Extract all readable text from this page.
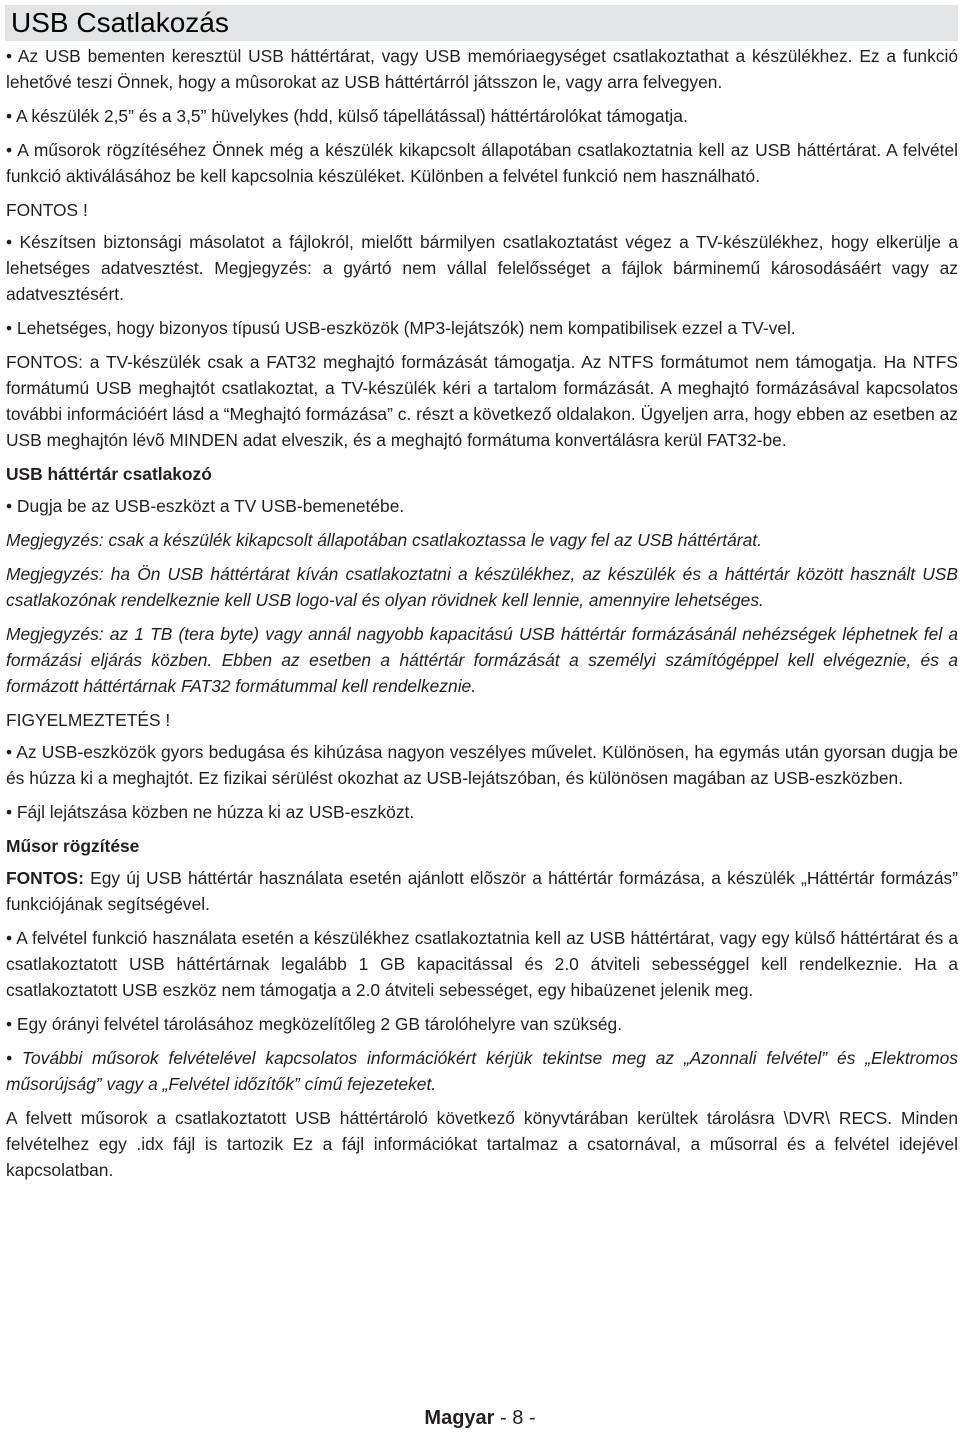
USB Csatlakozás

• Az USB bementen keresztül USB háttértárat, vagy USB memóriaegységet csatlakoztathat a készülékhez. Ez a funkció lehetővé teszi Önnek, hogy a mûsorokat az USB háttértárról játsszon le, vagy arra felvegyen.

• A készülék 2,5” és a 3,5” hüvelykes (hdd, külső tápellátással) háttértárolókat támogatja.

• A műsorok rögzítéséhez Önnek még a készülék kikapcsolt állapotában csatlakoztatnia kell az USB háttértárat. A felvétel funkció aktiválásához be kell kapcsolnia készüléket. Különben a felvétel funkció nem használható.

FONTOS !

• Készítsen biztonsági másolatot a fájlokról, mielőtt bármilyen csatlakoztatást végez a TV-készülékhez, hogy elkerülje a lehetséges adatvesztést. Megjegyzés: a gyártó nem vállal felelősséget a fájlok bárminemű károsodásáért vagy az adatvesztésért.

• Lehetséges, hogy bizonyos típusú USB-eszközök (MP3-lejátszók) nem kompatibilisek ezzel a TV-vel.

FONTOS: a TV-készülék csak a FAT32 meghajtó formázását támogatja. Az NTFS formátumot nem támogatja. Ha NTFS formátumú USB meghajtót csatlakoztat, a TV-készülék kéri a tartalom formázását. A meghajtó formázásával kapcsolatos további információért lásd a “Meghajtó formázása” c. részt a következő oldalakon. Ügyeljen arra, hogy ebben az esetben az USB meghajtón lévõ MINDEN adat elveszik, és a meghajtó formátuma konvertálásra kerül FAT32-be.

USB háttértár csatlakozó

• Dugja be az USB-eszközt a TV USB-bemenetébe.

Megjegyzés: csak a készülék kikapcsolt állapotában csatlakoztassa le vagy fel az USB háttértárat.

Megjegyzés: ha Ön USB háttértárat kíván csatlakoztatni a készülékhez, az készülék és a háttértár között használt USB csatlakozónak rendelkeznie kell USB logo-val és olyan rövidnek kell lennie, amennyire lehetséges.

Megjegyzés: az 1 TB (tera byte) vagy annál nagyobb kapacitású USB háttértár formázásánál nehézségek léphetnek fel a formázási eljárás közben. Ebben az esetben a háttértár formázását a személyi számítógéppel kell elvégeznie, és a formázott háttértárnak FAT32 formátummal kell rendelkeznie.

FIGYELMEZTETÉS !

• Az USB-eszközök gyors bedugása és kihúzása nagyon veszélyes művelet. Különösen, ha egymás után gyorsan dugja be és húzza ki a meghajtót. Ez fizikai sérülést okozhat az USB-lejátszóban, és különösen magában az USB-eszközben.

• Fájl lejátszása közben ne húzza ki az USB-eszközt.

Műsor rögzítése

FONTOS: Egy új USB háttértár használata esetén ajánlott elõször a háttértár formázása, a készülék „Háttértár formázás” funkciójának segítségével.

• A felvétel funkció használata esetén a készülékhez csatlakoztatnia kell az USB háttértárat, vagy egy külső háttértárat és a csatlakoztatott USB háttértárnak legalább 1 GB kapacitással és 2.0 átviteli sebességgel kell rendelkeznie. Ha a csatlakoztatott USB eszköz nem támogatja a 2.0 átviteli sebességet, egy hibaüzenet jelenik meg.

• Egy órányi felvétel tárolásához megközelítőleg 2 GB tárolóhelyre van szükség.

• További műsorok felvételével kapcsolatos információkért kérjük tekintse meg az „Azonnali felvétel” és „Elektromos műsorújság” vagy a „Felvétel időzítők” című fejezeteket.

A felvett műsorok a csatlakoztatott USB háttértároló következő könyvtárában kerültek tárolásra \DVR\ RECS. Minden felvételhez egy .idx fájl is tartozik Ez a fájl információkat tartalmaz a csatornával, a műsorral és a felvétel idejével kapcsolatban.

Magyar - 8 -
